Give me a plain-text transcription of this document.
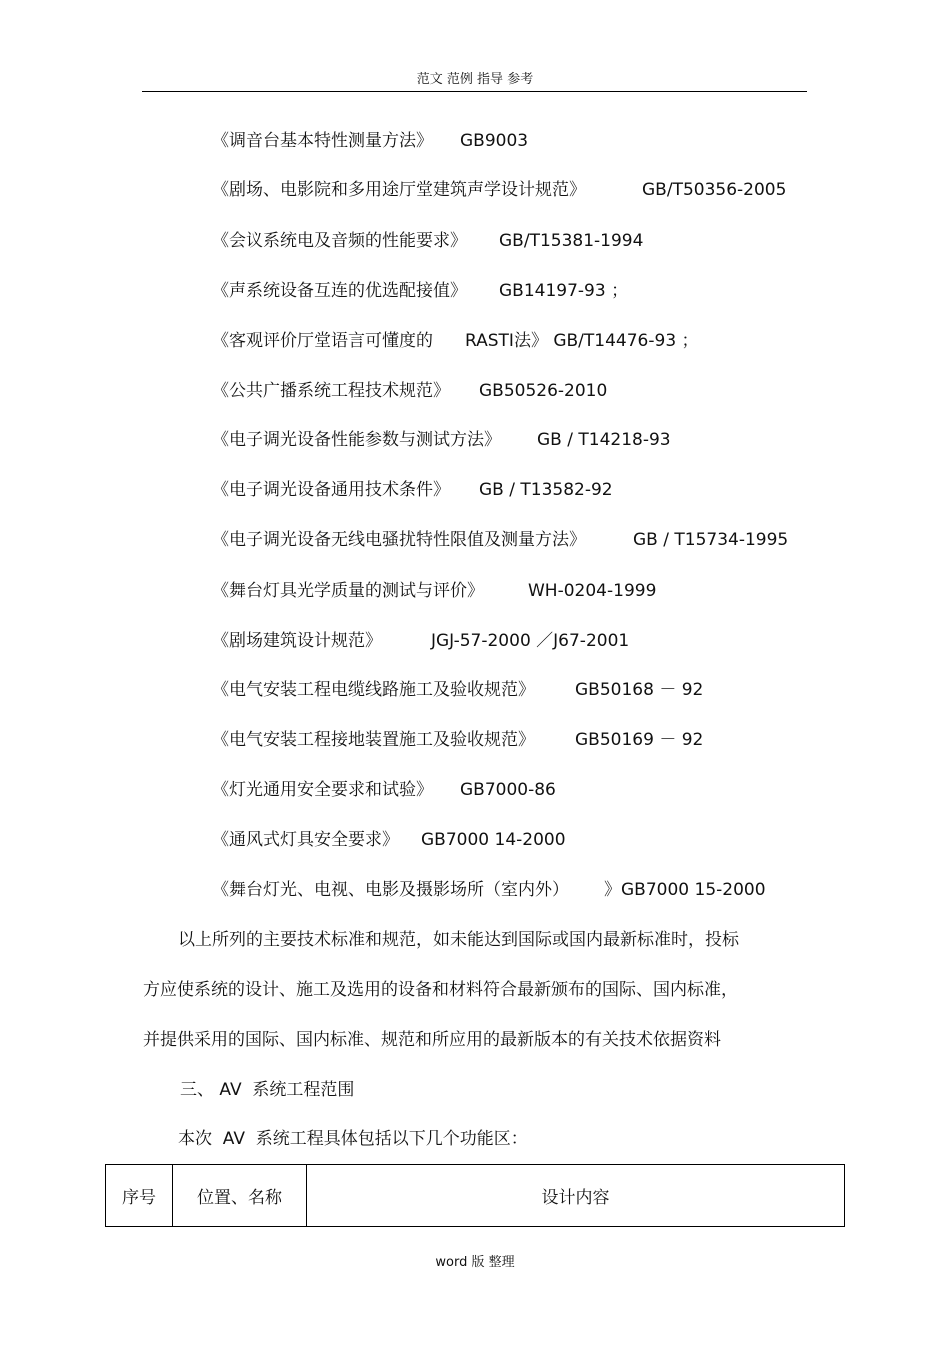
范文 范例 指导 参考
《调音台基本特性测量方法》 GB9003
《剧场、电影院和多用途厅堂建筑声学设计规范》	GB/T50356-2005
《会议系统电及音频的性能要求》 GB/T15381-1994
《声系统设备互连的优选配接值》 GB14197-93 ；
《客观评价厅堂语言可懂度的 RASTI法》 GB/T14476-93 ；
《公共广播系统工程技术规范》 GB50526-2010
《电子调光设备性能参数与测试方法》 GB / T14218-93
《电子调光设备通用技术条件》 GB / T13582-92
《电子调光设备无线电骚扰特性限值及测量方法》	GB / T15734-1995
《舞台灯具光学质量的测试与评价》	WH-0204-1999
《剧场建筑设计规范》	JGJ-57-2000 ／J67-2001
《电气安装工程电缆线路施工及验收规范》 GB50168 － 92
《电气安装工程接地装置施工及验收规范》 GB50169 － 92
《灯光通用安全要求和试验》 GB7000-86
《通风式灯具安全要求》 GB7000 14-2000
《舞台灯光、电视、电影及摄影场所（室内外） 》GB7000 15-2000
以上所列的主要技术标准和规范，如未能达到国际或国内最新标准时，投标
方应使系统的设计、施工及选用的设备和材料符合最新颁布的国际、国内标准，
并提供采用的国际、国内标准、规范和所应用的最新版本的有关技术依据资料
三、 AV  系统工程范围
本次  AV  系统工程具体包括以下几个功能区：
序号	位置、名称	设计内容
word 版 整理
